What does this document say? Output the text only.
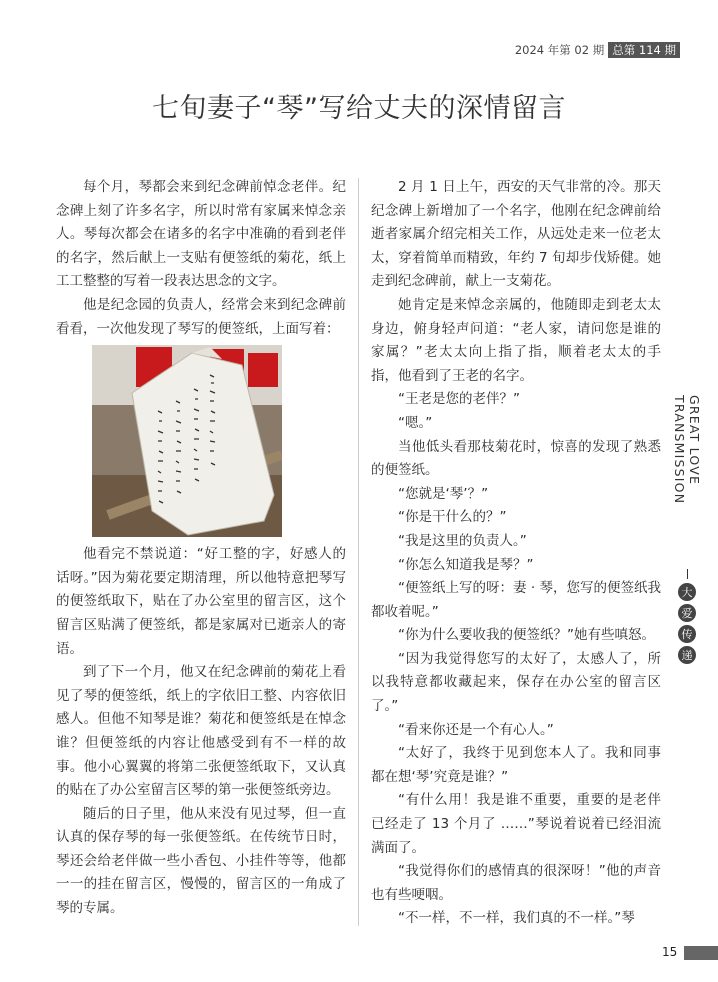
2024 年第 02 期 总第 114 期
七旬妻子“琴”写给丈夫的深情留言

每个月，琴都会来到纪念碑前悼念老伴。纪念碑上刻了许多名字，所以时常有家属来悼念亲人。琴每次都会在诸多的名字中准确的看到老伴的名字，然后献上一支贴有便签纸的菊花，纸上工工整整的写着一段表达思念的文字。

他是纪念园的负责人，经常会来到纪念碑前看看，一次他发现了琴写的便签纸，上面写着：

他看完不禁说道：“好工整的字，好感人的话呀。”因为菊花要定期清理，所以他特意把琴写的便签纸取下，贴在了办公室里的留言区，这个留言区贴满了便签纸，都是家属对已逝亲人的寄语。

到了下一个月，他又在纪念碑前的菊花上看见了琴的便签纸，纸上的字依旧工整、内容依旧感人。但他不知琴是谁？菊花和便签纸是在悼念谁？但便签纸的内容让他感受到有不一样的故事。他小心翼翼的将第二张便签纸取下，又认真的贴在了办公室留言区琴的第一张便签纸旁边。

随后的日子里，他从来没有见过琴，但一直认真的保存琴的每一张便签纸。在传统节日时，琴还会给老伴做一些小香包、小挂件等等，他都一一的挂在留言区，慢慢的，留言区的一角成了琴的专属。

2 月 1 日上午，西安的天气非常的冷。那天纪念碑上新增加了一个名字，他刚在纪念碑前给逝者家属介绍完相关工作，从远处走来一位老太太，穿着简单而精致，年约 7 旬却步伐矫健。她走到纪念碑前，献上一支菊花。

她肯定是来悼念亲属的，他随即走到老太太身边，俯身轻声问道：“老人家，请问您是谁的家属？”老太太向上指了指，顺着老太太的手指，他看到了王老的名字。

“王老是您的老伴？”

“嗯。”

当他低头看那枝菊花时，惊喜的发现了熟悉的便签纸。

“您就是‘琴’？”

“你是干什么的？”

“我是这里的负责人。”

“你怎么知道我是琴？”

“便签纸上写的呀：妻 · 琴，您写的便签纸我都收着呢。”

“你为什么要收我的便签纸？”她有些嗔怒。

“因为我觉得您写的太好了，太感人了，所以我特意都收藏起来，保存在办公室的留言区了。”

“看来你还是一个有心人。”

“太好了，我终于见到您本人了。我和同事都在想‘琴’究竟是谁？”

“有什么用！我是谁不重要，重要的是老伴已经走了 13 个月了 ……”琴说着说着已经泪流满面了。

“我觉得你们的感情真的很深呀！”他的声音也有些哽咽。

“不一样，不一样，我们真的不一样。”琴

GREAT LOVE TRANSMISSION
大
爱
传
递
15
